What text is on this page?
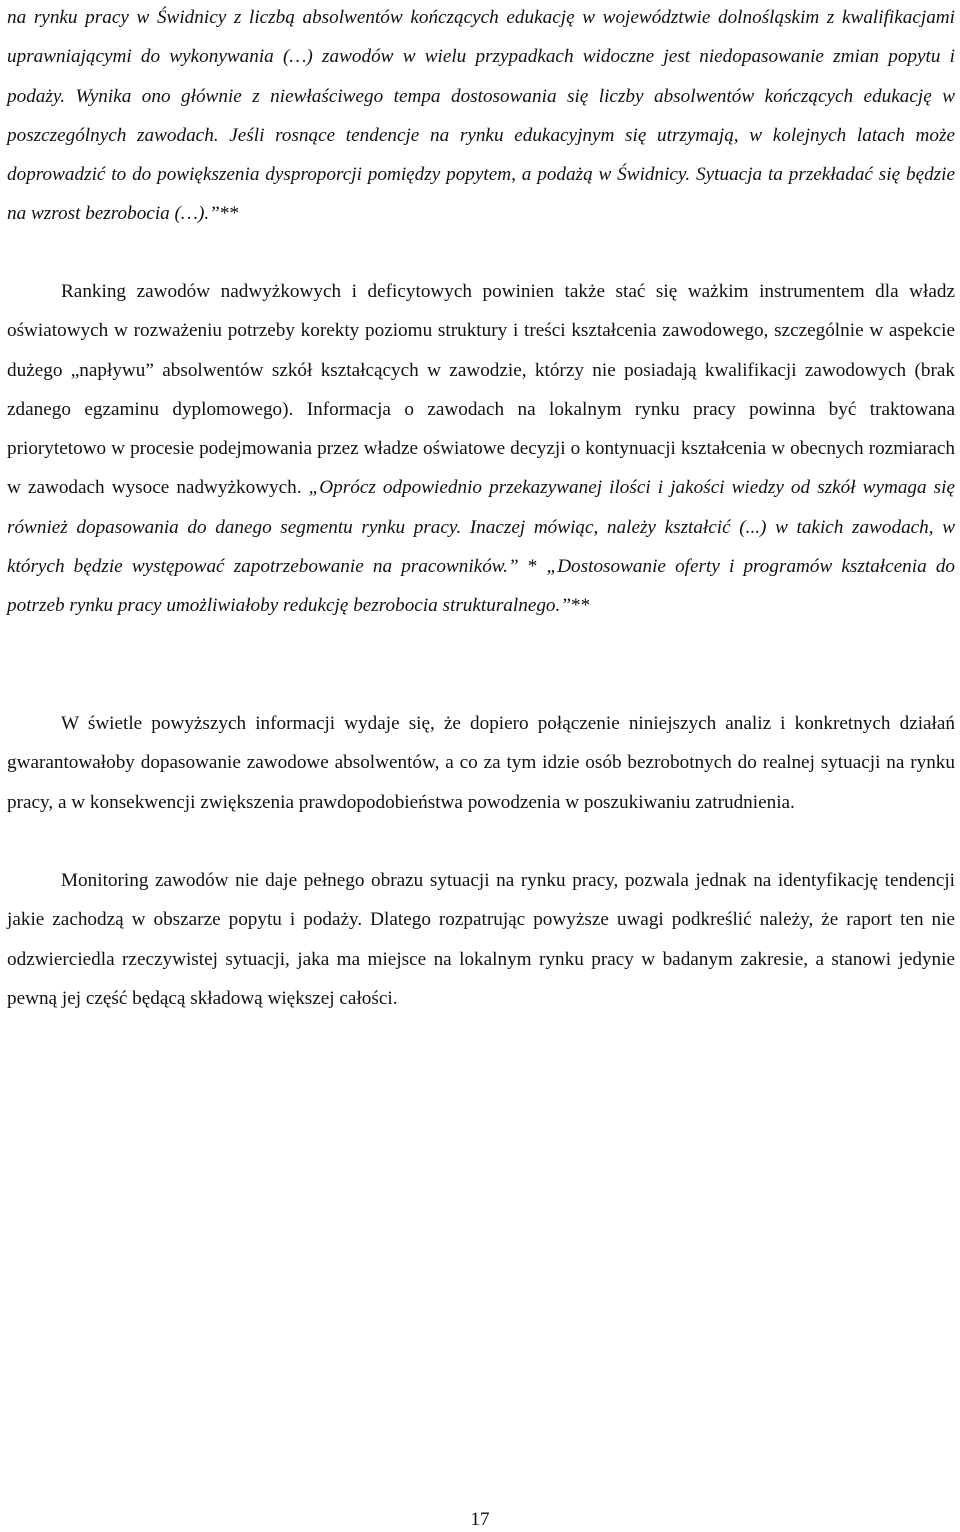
na rynku pracy w Świdnicy z liczbą absolwentów kończących edukację w województwie dolnośląskim z kwalifikacjami uprawniającymi do wykonywania (…) zawodów w wielu przypadkach widoczne jest niedopasowanie zmian popytu i podaży. Wynika ono głównie z niewłaściwego tempa dostosowania się liczby absolwentów kończących edukację w poszczególnych zawodach. Jeśli rosnące tendencje na rynku edukacyjnym się utrzymają, w kolejnych latach może doprowadzić to do powiększenia dysproporcji pomiędzy popytem, a podażą w Świdnicy. Sytuacja ta przekładać się będzie na wzrost bezrobocia (…).”**

Ranking zawodów nadwyżkowych i deficytowych powinien także stać się ważkim instrumentem dla władz oświatowych w rozważeniu potrzeby korekty poziomu struktury i treści kształcenia zawodowego, szczególnie w aspekcie dużego „napływu” absolwentów szkół kształcących w zawodzie, którzy nie posiadają kwalifikacji zawodowych (brak zdanego egzaminu dyplomowego). Informacja o zawodach na lokalnym rynku pracy powinna być traktowana priorytetowo w procesie podejmowania przez władze oświatowe decyzji o kontynuacji kształcenia w obecnych rozmiarach w zawodach wysoce nadwyżkowych. „Oprócz odpowiednio przekazywanej ilości i jakości wiedzy od szkół wymaga się również dopasowania do danego segmentu rynku pracy. Inaczej mówiąc, należy kształcić (...) w takich zawodach, w których będzie występować zapotrzebowanie na pracowników.” * „Dostosowanie oferty i programów kształcenia do potrzeb rynku pracy umożliwiałoby redukcję bezrobocia strukturalnego.”**

W świetle powyższych informacji wydaje się, że dopiero połączenie niniejszych analiz i konkretnych działań gwarantowałoby dopasowanie zawodowe absolwentów, a co za tym idzie osób bezrobotnych do realnej sytuacji na rynku pracy, a w konsekwencji zwiększenia prawdopodobieństwa powodzenia w poszukiwaniu zatrudnienia.

Monitoring zawodów nie daje pełnego obrazu sytuacji na rynku pracy, pozwala jednak na identyfikację tendencji jakie zachodzą w obszarze popytu i podaży. Dlatego rozpatrując powyższe uwagi podkreślić należy, że raport ten nie odzwierciedla rzeczywistej sytuacji, jaka ma miejsce na lokalnym rynku pracy w badanym zakresie, a stanowi jedynie pewną jej część będącą składową większej całości.

17
